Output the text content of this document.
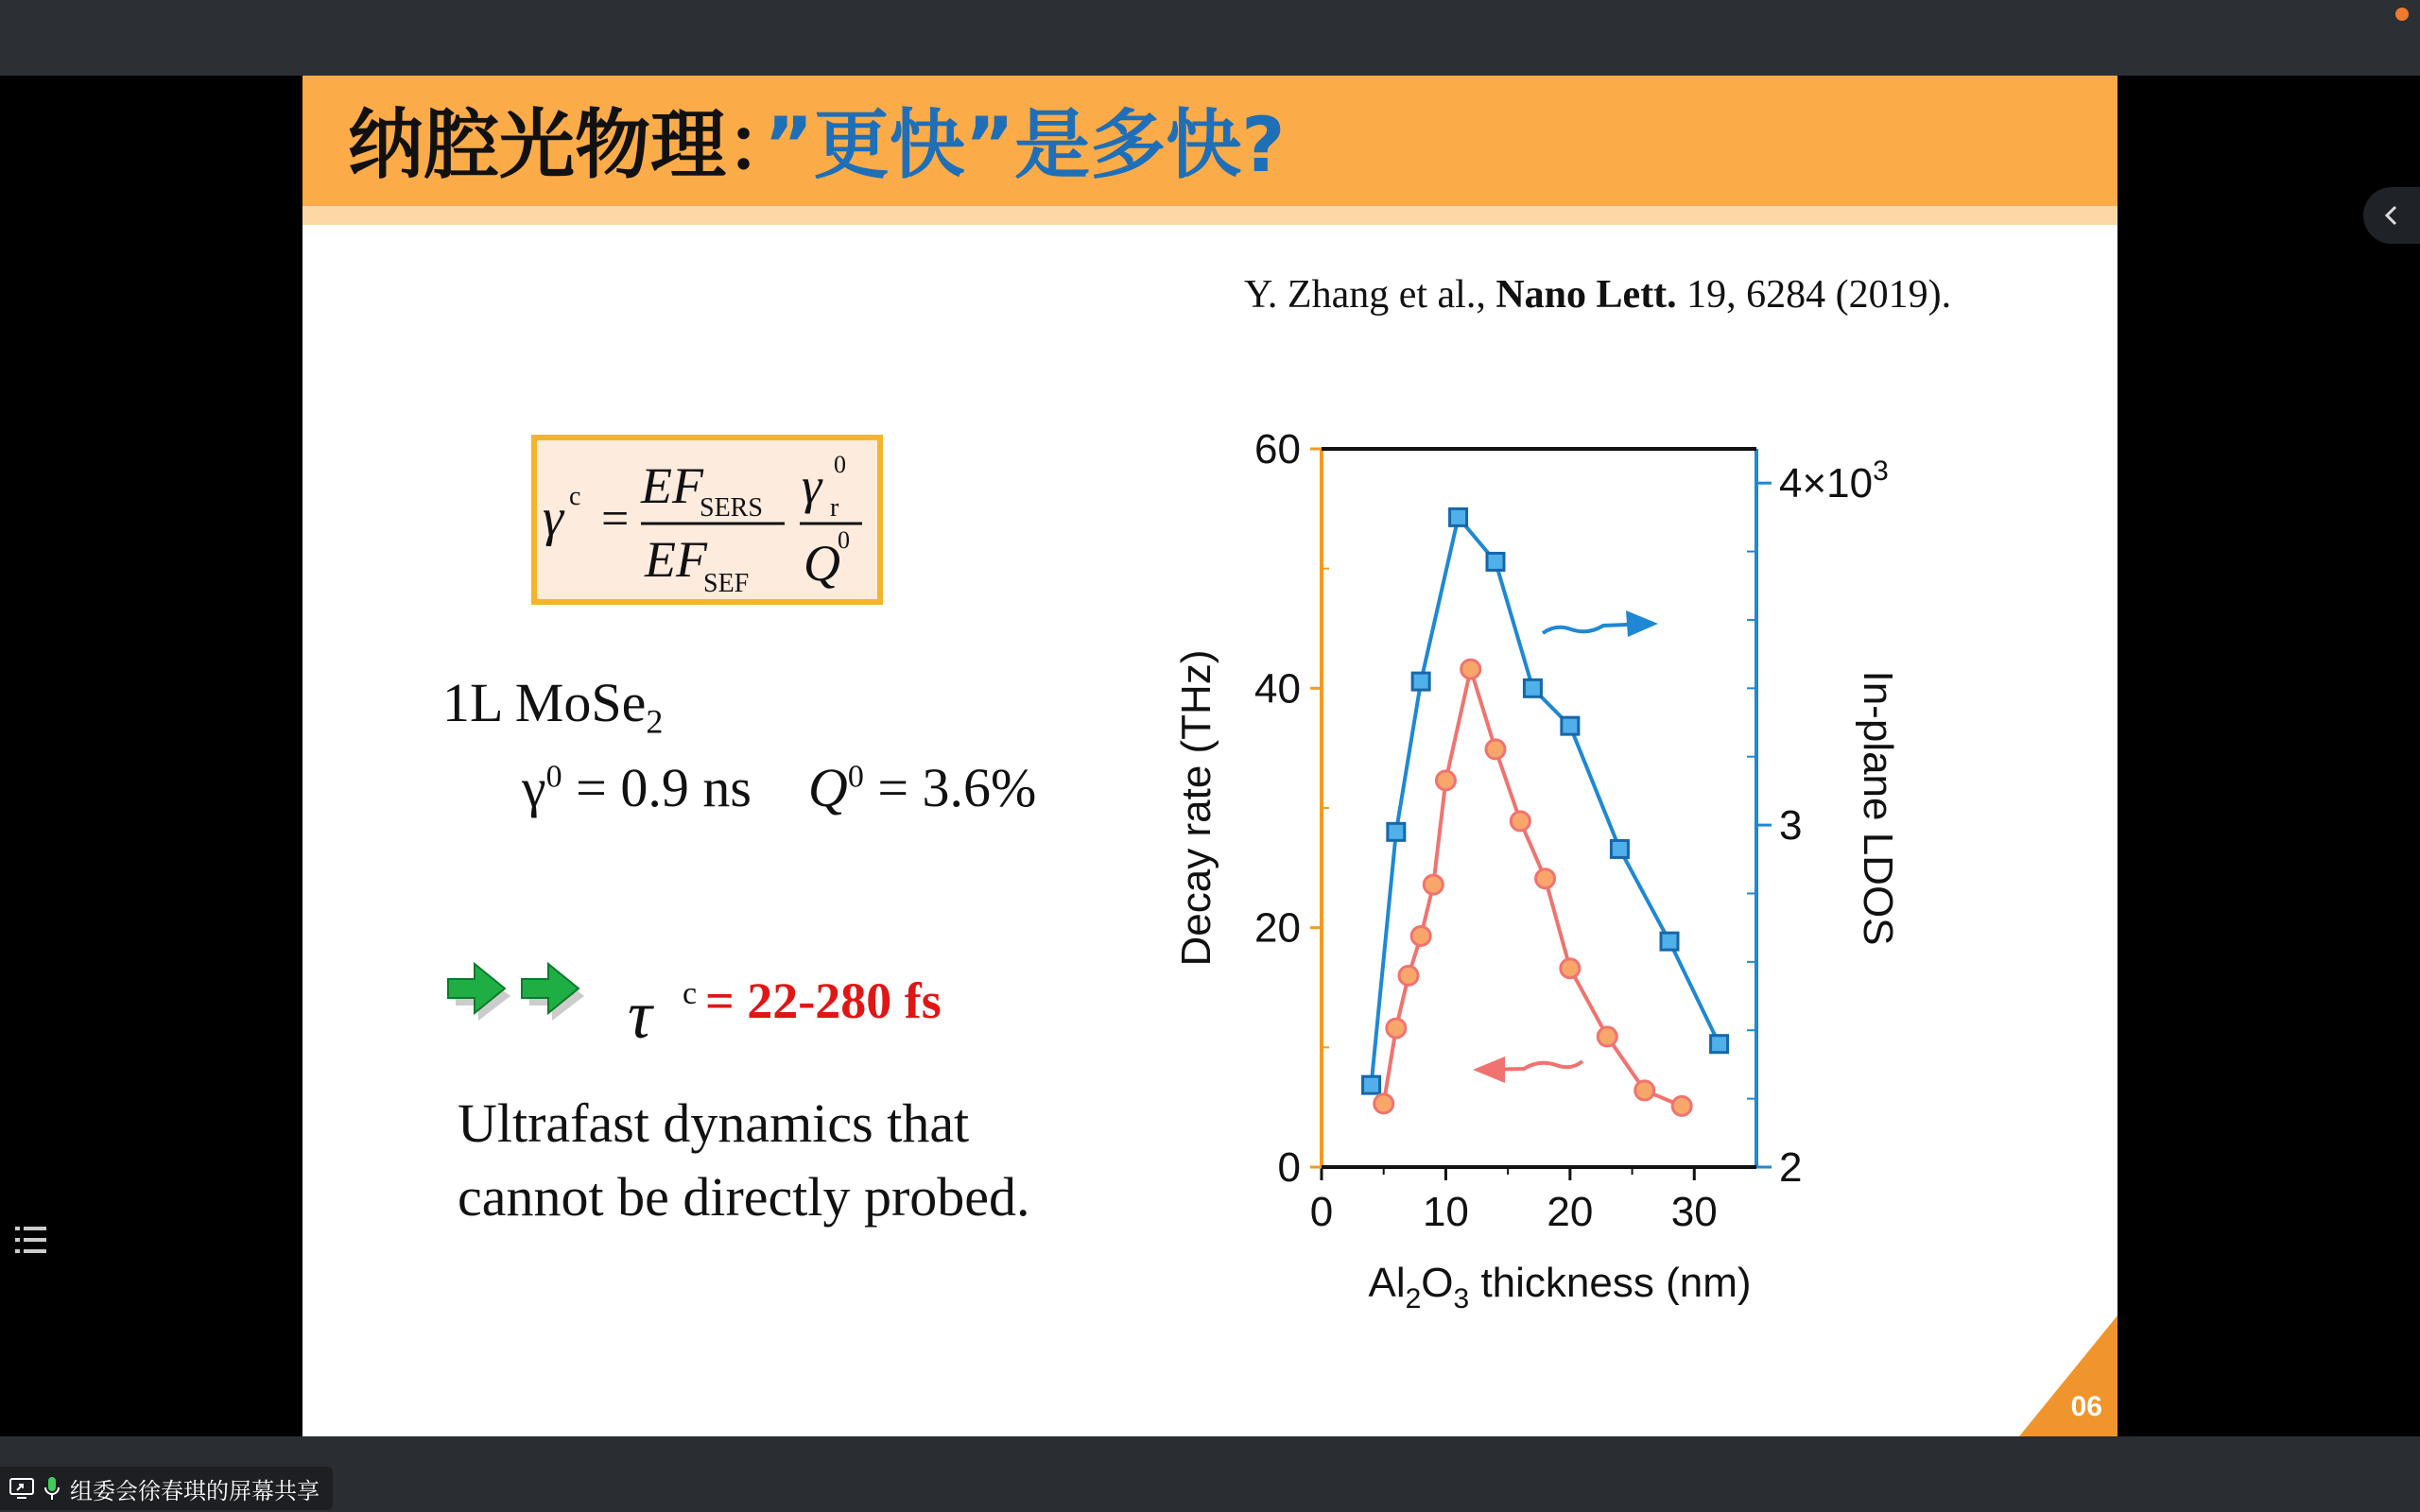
纳腔光物理：”更快”是多快?
Y. Zhang et al., Nano Lett. 19, 6284 (2019).
γ c =
EF
SERS
EF
SEF
γ 0
r
Q
0
1L MoSe$_2$
$\gamma^0 = 0.9$ ns $Q^0 = 3.6\%$
τ c = 22-280 fs
Ultrafast dynamics that
cannot be directly probed.	0 10 20 30
0
20
40
60
2
3
$4\times 10^3$
Decay rate (THz)	In-plane LDOS
$Al_2O_3$ thickness (nm)
06
组委会徐春琪的屏幕共享
